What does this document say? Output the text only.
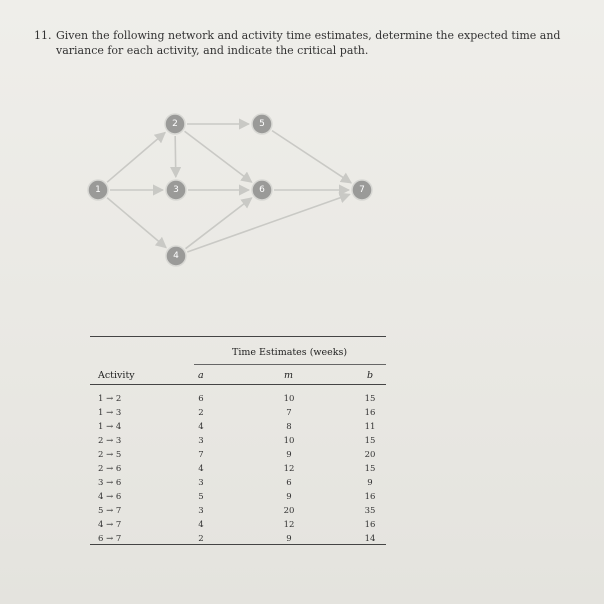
11. Given the following network and activity time estimates, determine the expected time and variance for each activity, and indicate the critical path.
1
2
3
4
5
6	7
Time Estimates (weeks)
Activity	a	m	b
1 → 2	6	10	15
1 → 3	2	7	16
1 → 4	4	8	11
2 → 3	3	10	15
2 → 5	7	9	20
2 → 6	4	12	15
3 → 6	3	6	9
4 → 6	5	9	16
5 → 7	3	20	35
4 → 7	4	12	16
6 → 7	2	9	14
